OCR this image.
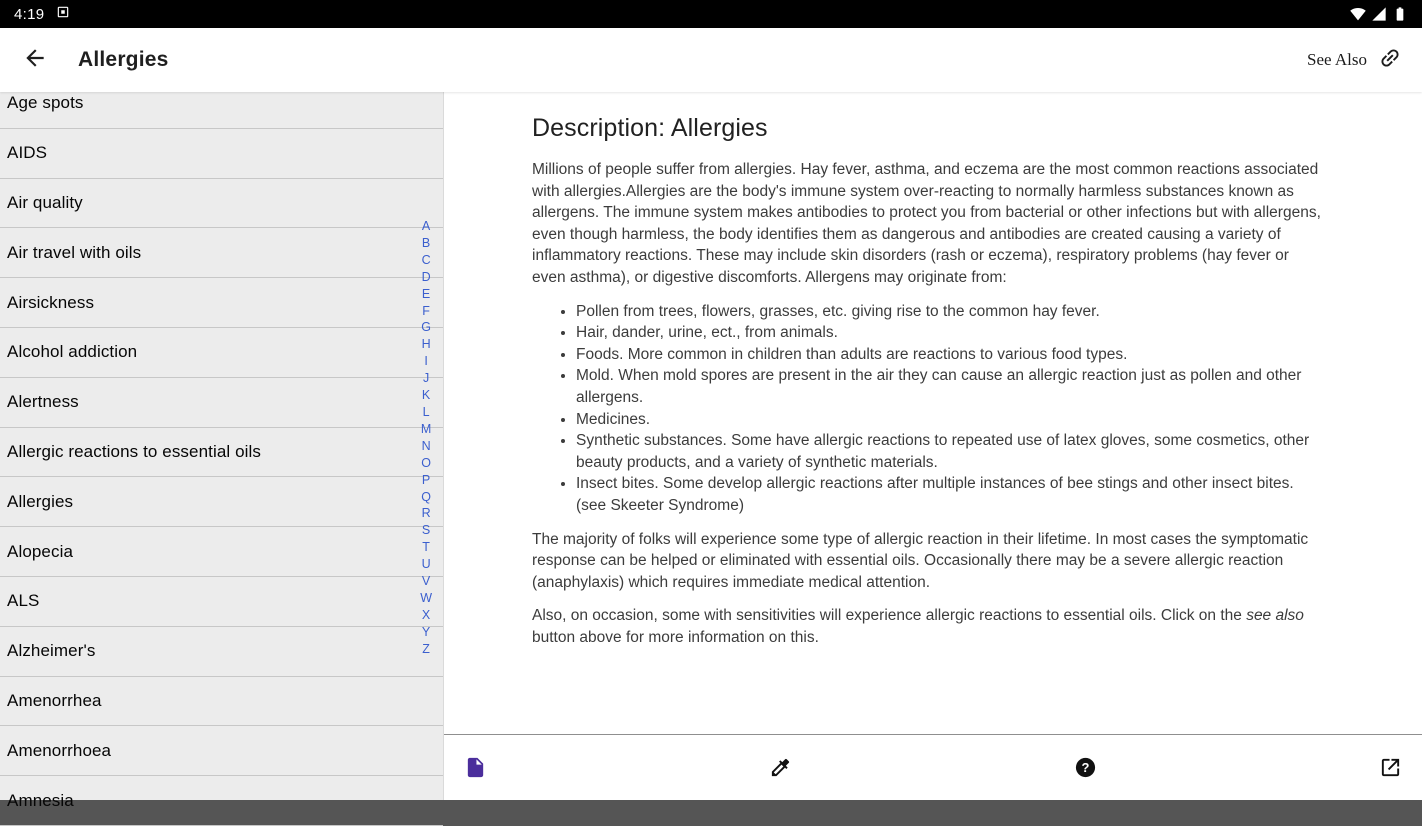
4:19
Allergies	See Also
Age spots
AIDS
Air quality
Air travel with oils
Airsickness
Alcohol addiction
Alertness
Allergic reactions to essential oils
Allergies
Alopecia
ALS
Alzheimer's
Amenorrhea
Amenorrhoea
Amnesia
A
B
C
D
E
F
G
H
I
J
K
L
M
N
O
P
Q
R
S
T
U
V
W
X
Y
Z
Description: Allergies

Millions of people suffer from allergies. Hay fever, asthma, and eczema are the most common reactions associated with allergies.Allergies are the body's immune system over-reacting to normally harmless substances known as allergens. The immune system makes antibodies to protect you from bacterial or other infections but with allergens, even though harmless, the body identifies them as dangerous and antibodies are created causing a variety of inflammatory reactions. These may include skin disorders (rash or eczema), respiratory problems (hay fever or even asthma), or digestive discomforts. Allergens may originate from:

• Pollen from trees, flowers, grasses, etc. giving rise to the common hay fever.
• Hair, dander, urine, ect., from animals.
• Foods. More common in children than adults are reactions to various food types.
• Mold. When mold spores are present in the air they can cause an allergic reaction just as pollen and other allergens.
• Medicines.
• Synthetic substances. Some have allergic reactions to repeated use of latex gloves, some cosmetics, other beauty products, and a variety of synthetic materials.
• Insect bites. Some develop allergic reactions after multiple instances of bee stings and other insect bites. (see Skeeter Syndrome)

The majority of folks will experience some type of allergic reaction in their lifetime. In most cases the symptomatic response can be helped or eliminated with essential oils. Occasionally there may be a severe allergic reaction (anaphylaxis) which requires immediate medical attention.

Also, on occasion, some with sensitivities will experience allergic reactions to essential oils. Click on the see also button above for more information on this.

?
